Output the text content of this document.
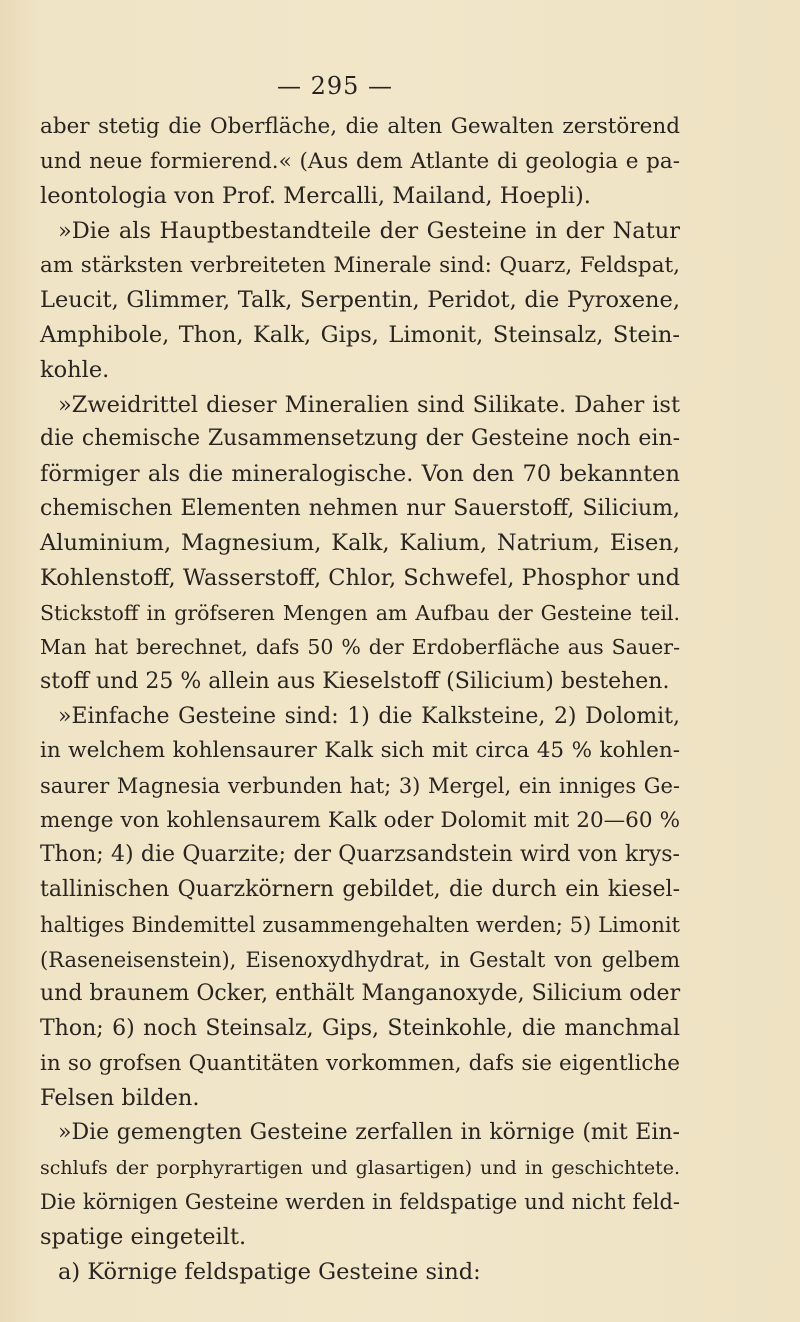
— 295 —
aber stetig die Oberfläche, die alten Gewalten zerstörend
und neue formierend.« (Aus dem Atlante di geologia e pa-
leontologia von Prof. Mercalli, Mailand, Hoepli).
»Die als Hauptbestandteile der Gesteine in der Natur
am stärksten verbreiteten Minerale sind: Quarz, Feldspat,
Leucit, Glimmer, Talk, Serpentin, Peridot, die Pyroxene,
Amphibole, Thon, Kalk, Gips, Limonit, Steinsalz, Stein-
kohle.
»Zweidrittel dieser Mineralien sind Silikate. Daher ist
die chemische Zusammensetzung der Gesteine noch ein-
förmiger als die mineralogische. Von den 70 bekannten
chemischen Elementen nehmen nur Sauerstoff, Silicium,
Aluminium, Magnesium, Kalk, Kalium, Natrium, Eisen,
Kohlenstoff, Wasserstoff, Chlor, Schwefel, Phosphor und
Stickstoff in gröfseren Mengen am Aufbau der Gesteine teil.
Man hat berechnet, dafs 50 % der Erdoberfläche aus Sauer-
stoff und 25 % allein aus Kieselstoff (Silicium) bestehen.
»Einfache Gesteine sind: 1) die Kalksteine, 2) Dolomit,
in welchem kohlensaurer Kalk sich mit circa 45 % kohlen-
saurer Magnesia verbunden hat; 3) Mergel, ein inniges Ge-
menge von kohlensaurem Kalk oder Dolomit mit 20—60 %
Thon; 4) die Quarzite; der Quarzsandstein wird von krys-
tallinischen Quarzkörnern gebildet, die durch ein kiesel-
haltiges Bindemittel zusammengehalten werden; 5) Limonit
(Raseneisenstein), Eisenoxydhydrat, in Gestalt von gelbem
und braunem Ocker, enthält Manganoxyde, Silicium oder
Thon; 6) noch Steinsalz, Gips, Steinkohle, die manchmal
in so grofsen Quantitäten vorkommen, dafs sie eigentliche
Felsen bilden.
»Die gemengten Gesteine zerfallen in körnige (mit Ein-
schlufs der porphyrartigen und glasartigen) und in geschichtete.
Die körnigen Gesteine werden in feldspatige und nicht feld-
spatige eingeteilt.
a) Körnige feldspatige Gesteine sind:
